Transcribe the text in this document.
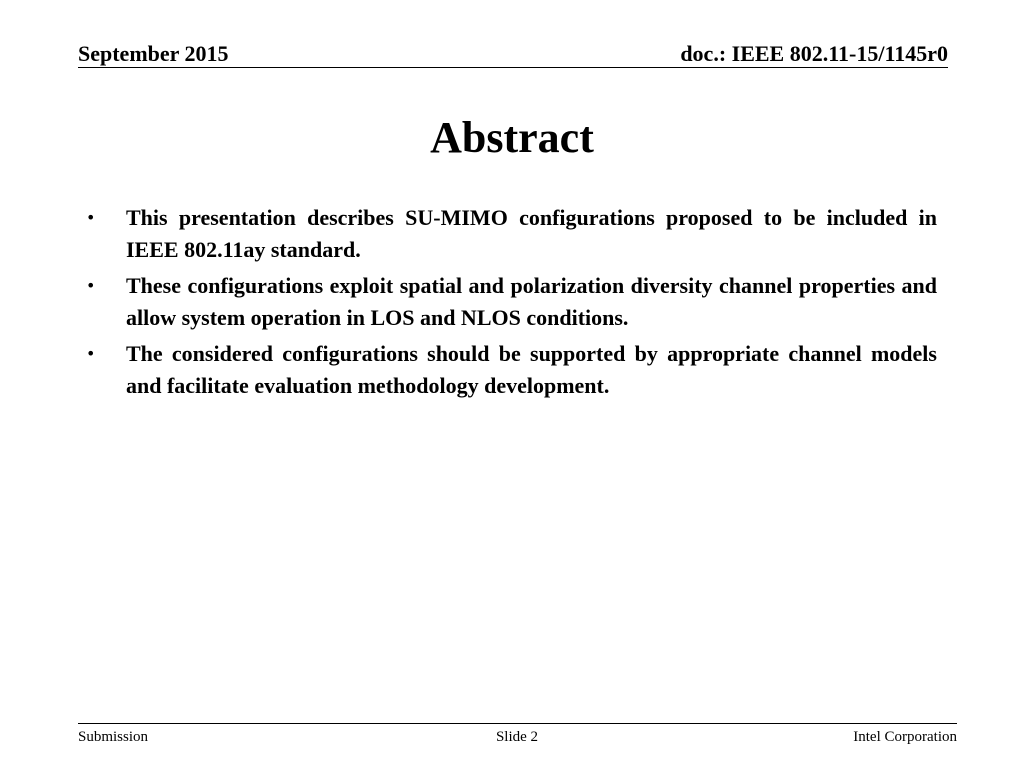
September 2015	doc.: IEEE 802.11-15/1145r0
Abstract
• This presentation describes SU-MIMO configurations proposed to be included in IEEE 802.11ay standard.
• These configurations exploit spatial and polarization diversity channel properties and allow system operation in LOS and NLOS conditions.
• The considered configurations should be supported by appropriate channel models and facilitate evaluation methodology development.
Submission	Slide 2	Intel Corporation
